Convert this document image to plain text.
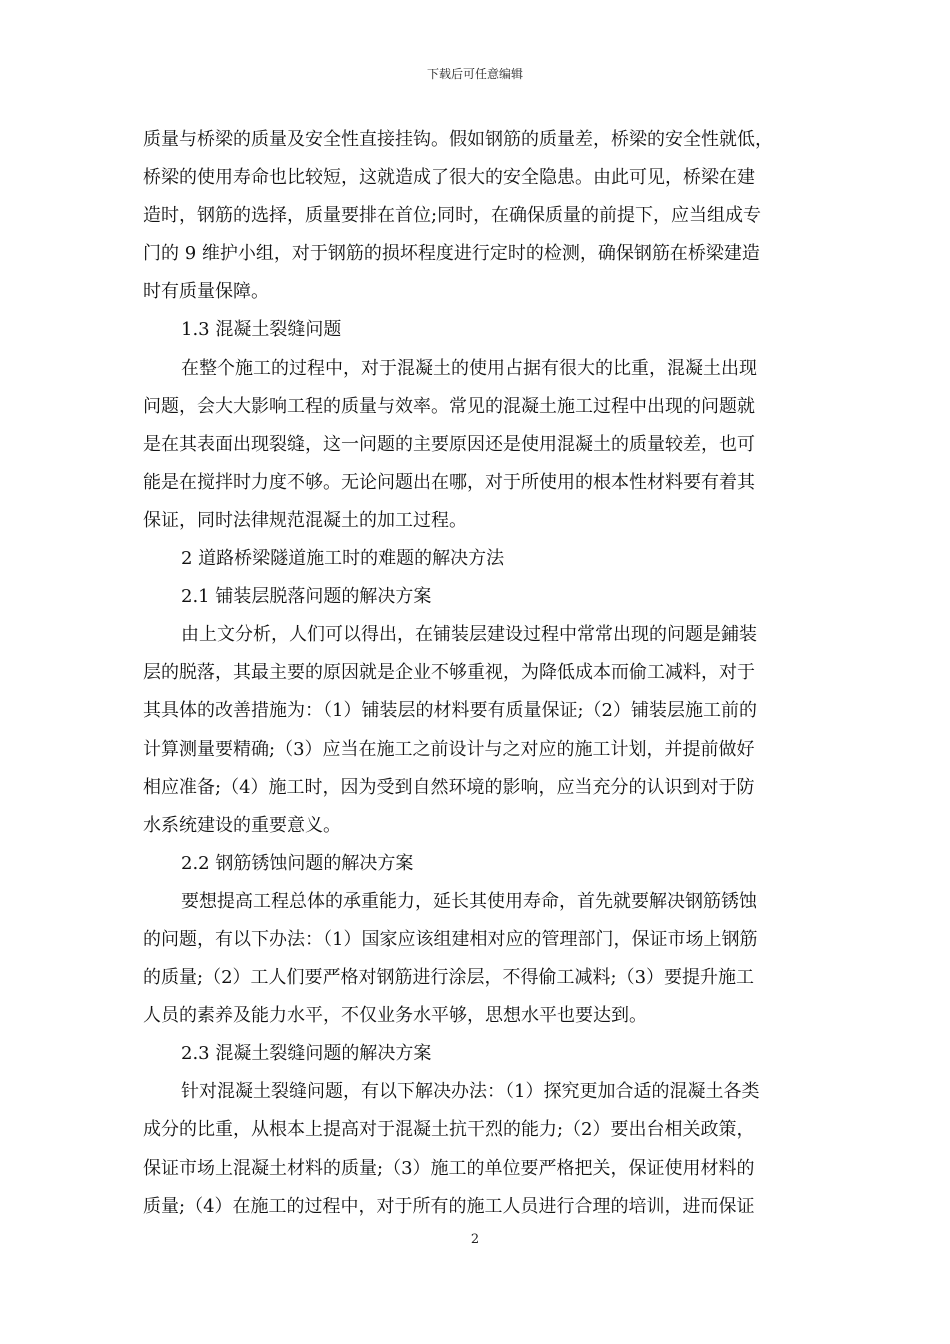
下载后可任意编辑
质量与桥梁的质量及安全性直接挂钩。假如钢筋的质量差，桥梁的安全性就低，
桥梁的使用寿命也比较短，这就造成了很大的安全隐患。由此可见，桥梁在建
造时，钢筋的选择，质量要排在首位;同时，在确保质量的前提下，应当组成专
门的 9 维护小组，对于钢筋的损坏程度进行定时的检测，确保钢筋在桥梁建造
时有质量保障。
1.3 混凝土裂缝问题
在整个施工的过程中，对于混凝土的使用占据有很大的比重，混凝土出现
问题，会大大影响工程的质量与效率。常见的混凝土施工过程中出现的问题就
是在其表面出现裂缝，这一问题的主要原因还是使用混凝土的质量较差，也可
能是在搅拌时力度不够。无论问题出在哪，对于所使用的根本性材料要有着其
保证，同时法律规范混凝土的加工过程。
2 道路桥梁隧道施工时的难题的解决方法
2.1 铺装层脱落问题的解决方案
由上文分析，人们可以得出，在铺装层建设过程中常常出现的问题是鋪装
层的脱落，其最主要的原因就是企业不够重视，为降低成本而偷工减料，对于
其具体的改善措施为：（1）铺装层的材料要有质量保证;（2）铺装层施工前的
计算测量要精确;（3）应当在施工之前设计与之对应的施工计划，并提前做好
相应准备;（4）施工时，因为受到自然环境的影响，应当充分的认识到对于防
水系统建设的重要意义。
2.2 钢筋锈蚀问题的解决方案
要想提高工程总体的承重能力，延长其使用寿命，首先就要解决钢筋锈蚀
的问题，有以下办法：（1）国家应该组建相对应的管理部门，保证市场上钢筋
的质量;（2）工人们要严格对钢筋进行涂层，不得偷工减料;（3）要提升施工
人员的素养及能力水平，不仅业务水平够，思想水平也要达到。
2.3 混凝土裂缝问题的解决方案
针对混凝土裂缝问题，有以下解决办法：（1）探究更加合适的混凝土各类
成分的比重，从根本上提高对于混凝土抗干烈的能力;（2）要出台相关政策，
保证市场上混凝土材料的质量;（3）施工的单位要严格把关，保证使用材料的
质量;（4）在施工的过程中，对于所有的施工人员进行合理的培训，进而保证
2
